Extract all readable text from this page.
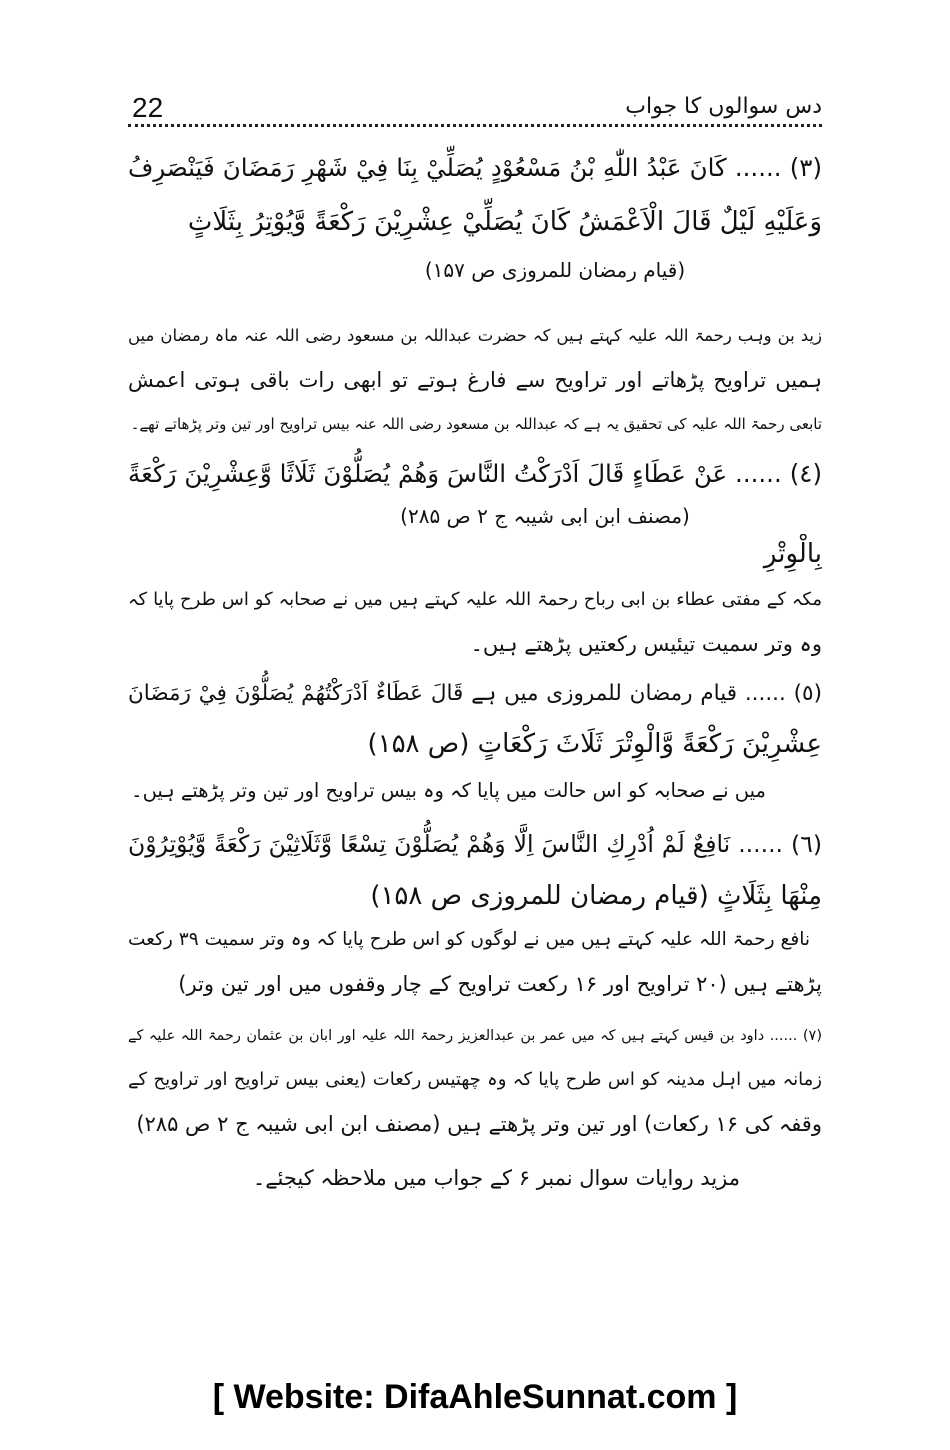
22	دس سوالوں کا جواب
(٣) ...... كَانَ عَبْدُ اللّٰهِ بْنُ مَسْعُوْدٍ يُصَلِّيْ بِنَا فِيْ شَهْرِ رَمَضَانَ فَيَنْصَرِفُ
وَعَلَيْهِ لَيْلٌ قَالَ الْاَعْمَشُ كَانَ يُصَلِّيْ عِشْرِيْنَ رَكْعَةً وَّيُوْتِرُ بِثَلَاثٍ
(قیام رمضان للمروزی ص ۱۵۷)
زید بن وہب رحمۃ اللہ علیہ کہتے ہیں کہ حضرت عبداللہ بن مسعود رضی اللہ عنہ ماہ رمضان میں
ہمیں تراویح پڑھاتے اور تراویح سے فارغ ہوتے تو ابھی رات باقی ہوتی اعمش
تابعی رحمۃ اللہ علیہ کی تحقیق یہ ہے کہ عبداللہ بن مسعود رضی اللہ عنہ بیس تراویح اور تین وتر پڑھاتے تھے۔
(٤) ...... عَنْ عَطَاءٍ قَالَ اَدْرَكْتُ النَّاسَ وَهُمْ يُصَلُّوْنَ ثَلَاثًا وَّعِشْرِيْنَ رَكْعَةً
(مصنف ابن ابی شیبہ ج ۲ ص ۲۸۵)
بِالْوِتْرِ
مکہ کے مفتی عطاء بن ابی رباح رحمۃ اللہ علیہ کہتے ہیں میں نے صحابہ کو اس طرح پایا کہ
وہ وتر سمیت تیئیس رکعتیں پڑھتے ہیں۔
(٥) ...... قیام رمضان للمروزی میں ہے قَالَ عَطَاءٌ اَدْرَكْتُهُمْ يُصَلُّوْنَ فِيْ رَمَضَانَ
عِشْرِيْنَ رَكْعَةً وَّالْوِتْرَ ثَلَاثَ رَكْعَاتٍ (ص ۱۵۸)
میں نے صحابہ کو اس حالت میں پایا کہ وہ بیس تراویح اور تین وتر پڑھتے ہیں۔
(٦) ...... نَافِعٌ لَمْ اُدْرِكِ النَّاسَ اِلَّا وَهُمْ يُصَلُّوْنَ تِسْعًا وَّثَلَاثِيْنَ رَكْعَةً وَّيُوْتِرُوْنَ
مِنْهَا بِثَلَاثٍ (قیام رمضان للمروزی ص ۱۵۸)
نافع رحمۃ اللہ علیہ کہتے ہیں میں نے لوگوں کو اس طرح پایا کہ وہ وتر سمیت ۳۹ رکعت
پڑھتے ہیں (۲۰ تراویح اور ۱۶ رکعت تراویح کے چار وقفوں میں اور تین وتر)
(٧) ...... داود بن قیس کہتے ہیں کہ میں عمر بن عبدالعزیز رحمۃ اللہ علیہ اور ابان بن عثمان رحمۃ اللہ علیہ کے
زمانہ میں اہل مدینہ کو اس طرح پایا کہ وہ چھتیس رکعات (یعنی بیس تراویح اور تراویح کے
وقفہ کی ۱۶ رکعات) اور تین وتر پڑھتے ہیں (مصنف ابن ابی شیبہ ج ۲ ص ۲۸۵)
مزید روایات سوال نمبر ۶ کے جواب میں ملاحظہ کیجئے۔
[ Website: DifaAhleSunnat.com ]
